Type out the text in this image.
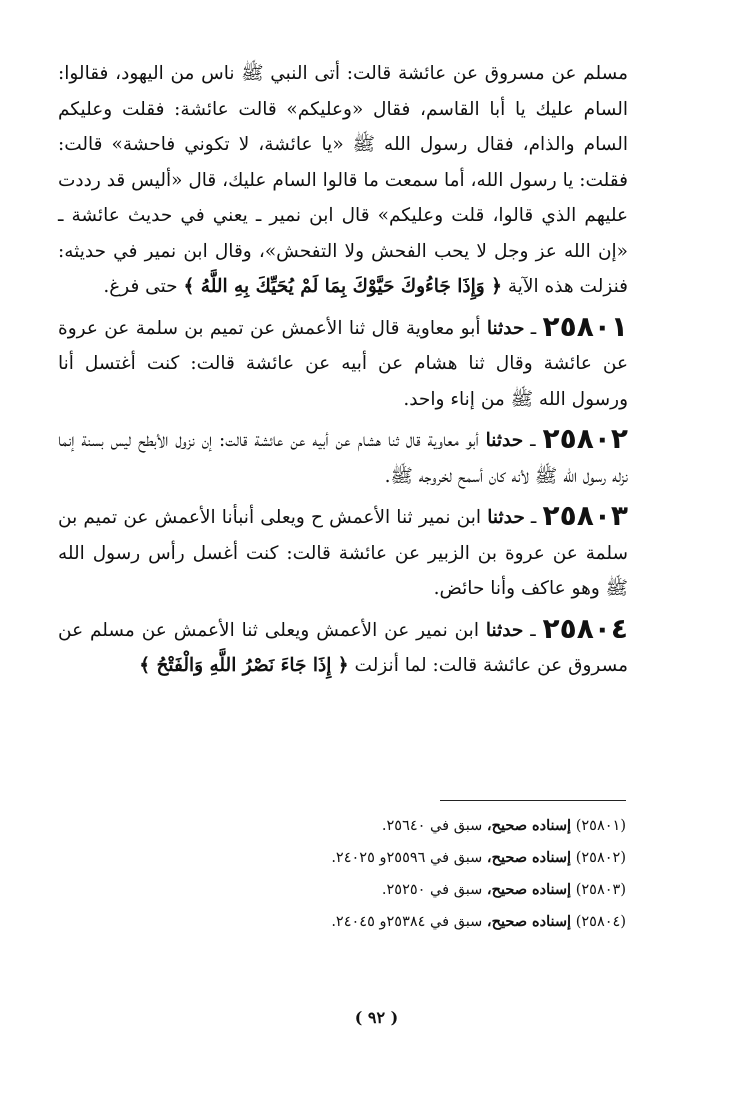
مسلم عن مسروق عن عائشة قالت: أتى النبي ﷺ ناس من اليهود، فقالوا: السام عليك يا أبا القاسم، فقال «وعليكم» قالت عائشة: فقلت وعليكم السام والذام، فقال رسول الله ﷺ «يا عائشة، لا تكوني فاحشة» قالت: فقلت: يا رسول الله، أما سمعت ما قالوا السام عليك، قال «أليس قد رددت عليهم الذي قالوا، قلت وعليكم» قال ابن نمير ـ يعني في حديث عائشة ـ «إن الله عز وجل لا يحب الفحش ولا التفحش»، وقال ابن نمير في حديثه: فنزلت هذه الآية ﴿ وَإِذَا جَاءُوكَ حَيَّوْكَ بِمَا لَمْ يُحَيِّكَ بِهِ اللَّهُ ﴾ حتى فرغ.

٢٥٨٠١ ـ حدثنا أبو معاوية قال ثنا الأعمش عن تميم بن سلمة عن عروة عن عائشة وقال ثنا هشام عن أبيه عن عائشة قالت: كنت أغتسل أنا ورسول الله ﷺ من إناء واحد.

٢٥٨٠٢ ـ حدثنا أبو معاوية قال ثنا هشام عن أبيه عن عائشة قالت: إن نزول الأبطح ليس بسنة إنما نزله رسول الله ﷺ لأنه كان أسمح لخروجه ﷺ.

٢٥٨٠٣ ـ حدثنا ابن نمير ثنا الأعمش ح ويعلى أنبأنا الأعمش عن تميم بن سلمة عن عروة بن الزبير عن عائشة قالت: كنت أغسل رأس رسول الله ﷺ وهو عاكف وأنا حائض.

٢٥٨٠٤ ـ حدثنا ابن نمير عن الأعمش ويعلى ثنا الأعمش عن مسلم عن مسروق عن عائشة قالت: لما أنزلت ﴿ إِذَا جَاءَ نَصْرُ اللَّهِ وَالْفَتْحُ ﴾

(٢٥٨٠١) إسناده صحيح، سبق في ٢٥٦٤٠.

(٢٥٨٠٢) إسناده صحيح، سبق في ٢٥٥٩٦و ٢٤٠٢٥.

(٢٥٨٠٣) إسناده صحيح، سبق في ٢٥٢٥٠.

(٢٥٨٠٤) إسناده صحيح، سبق في ٢٥٣٨٤و ٢٤٠٤٥.

( ٩٢ )
